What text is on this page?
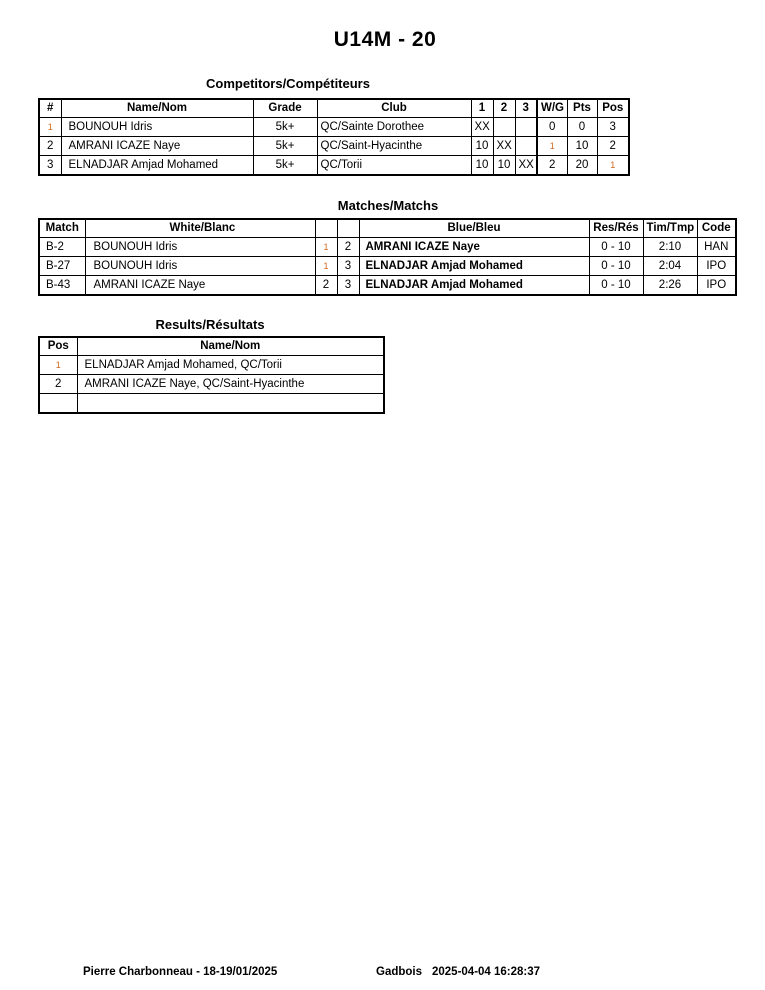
U14M - 20
Competitors/Compétiteurs
#	Name/Nom	Grade	Club	1	2	3	W/G	Pts	Pos
1	BOUNOUH Idris	5k+	QC/Sainte Dorothee	XX			0	0	3
2	AMRANI ICAZE Naye	5k+	QC/Saint-Hyacinthe	10	XX		1	10	2
3	ELNADJAR Amjad Mohamed	5k+	QC/Torii	10	10	XX	2	20	1
Matches/Matchs
Match	White/Blanc			Blue/Bleu	Res/Rés	Tim/Tmp	Code
B-2	BOUNOUH Idris	1	2	AMRANI ICAZE Naye	0 - 10	2:10	HAN
B-27	BOUNOUH Idris	1	3	ELNADJAR Amjad Mohamed	0 - 10	2:04	IPO
B-43	AMRANI ICAZE Naye	2	3	ELNADJAR Amjad Mohamed	0 - 10	2:26	IPO
Results/Résultats
Pos	Name/Nom
1	ELNADJAR Amjad Mohamed, QC/Torii
2	AMRANI ICAZE Naye, QC/Saint-Hyacinthe

Pierre Charbonneau - 18-19/01/2025	Gadbois 2025-04-04 16:28:37
